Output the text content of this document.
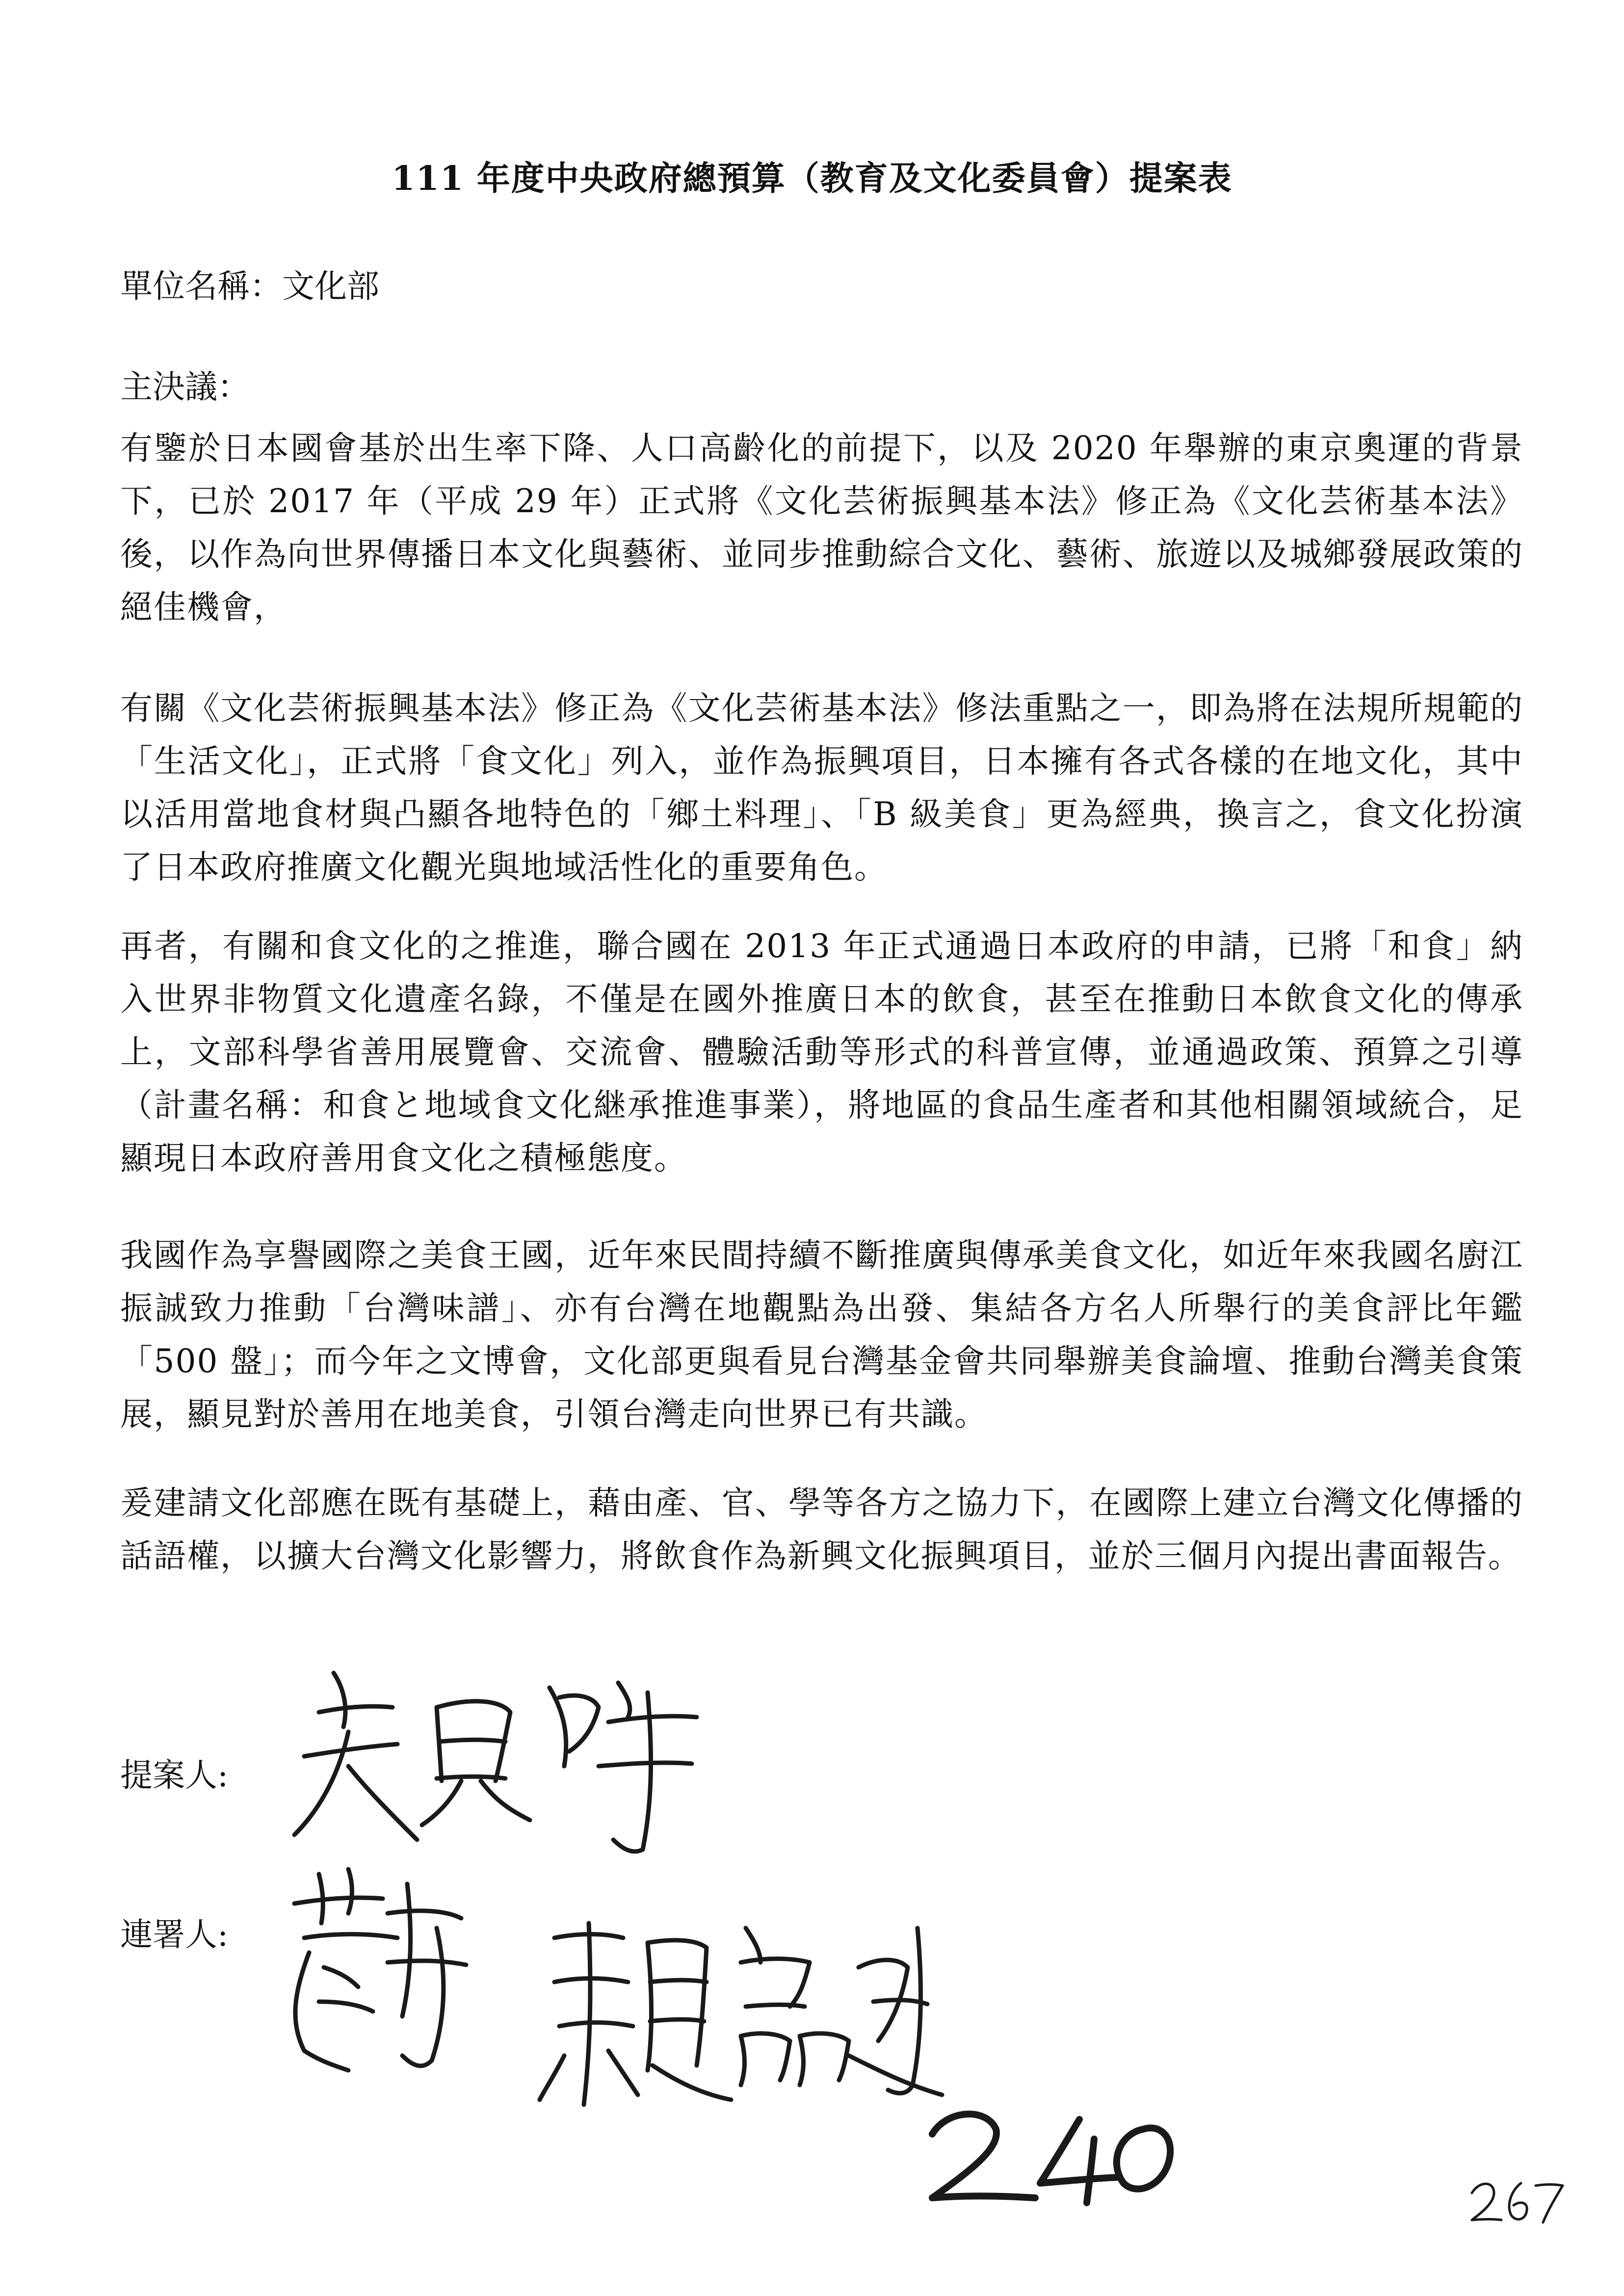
111 年度中央政府總預算（教育及文化委員會）提案表
單位名稱：文化部
主決議：

有鑒於日本國會基於出生率下降、人口高齡化的前提下，以及 2020 年舉辦的東京奧運的背景下，已於 2017 年（平成 29 年）正式將《文化芸術振興基本法》修正為《文化芸術基本法》後，以作為向世界傳播日本文化與藝術、並同步推動綜合文化、藝術、旅遊以及城鄉發展政策的絕佳機會，

有關《文化芸術振興基本法》修正為《文化芸術基本法》修法重點之一，即為將在法規所規範的「生活文化」，正式將「食文化」列入，並作為振興項目，日本擁有各式各樣的在地文化，其中以活用當地食材與凸顯各地特色的「鄉土料理」、「B 級美食」更為經典，換言之，食文化扮演了日本政府推廣文化觀光與地域活性化的重要角色。

再者，有關和食文化的之推進，聯合國在 2013 年正式通過日本政府的申請，已將「和食」納入世界非物質文化遺產名錄，不僅是在國外推廣日本的飲食，甚至在推動日本飲食文化的傳承上，文部科學省善用展覽會、交流會、體驗活動等形式的科普宣傳，並通過政策、預算之引導（計畫名稱：和食と地域食文化継承推進事業），將地區的食品生產者和其他相關領域統合，足顯現日本政府善用食文化之積極態度。

我國作為享譽國際之美食王國，近年來民間持續不斷推廣與傳承美食文化，如近年來我國名廚江振誠致力推動「台灣味譜」、亦有台灣在地觀點為出發、集結各方名人所舉行的美食評比年鑑「500 盤」；而今年之文博會，文化部更與看見台灣基金會共同舉辦美食論壇、推動台灣美食策展，顯見對於善用在地美食，引領台灣走向世界已有共識。

爰建請文化部應在既有基礎上，藉由產、官、學等各方之協力下，在國際上建立台灣文化傳播的話語權，以擴大台灣文化影響力，將飲食作為新興文化振興項目，並於三個月內提出書面報告。

提案人:
連署人:
